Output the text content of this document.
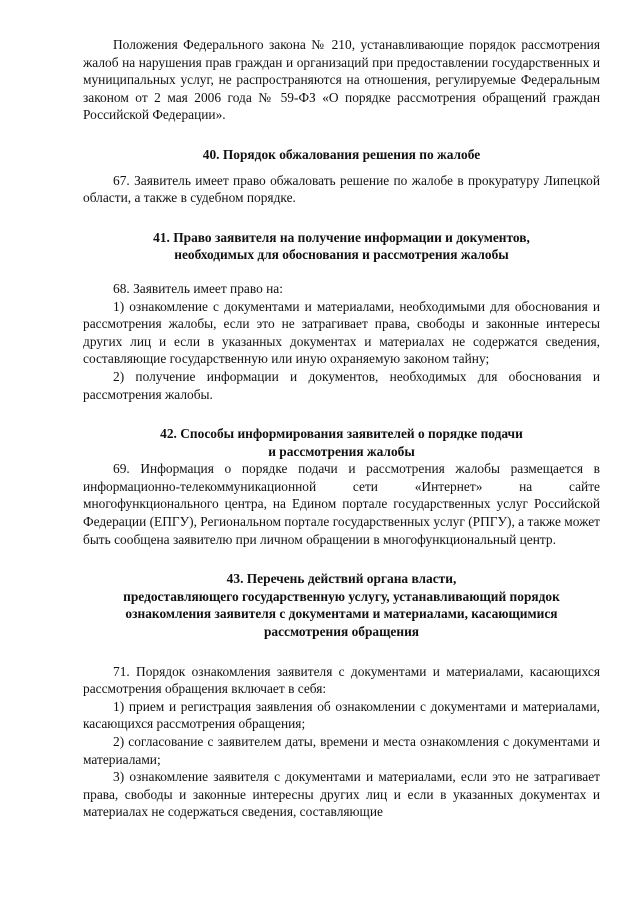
Положения Федерального закона № 210, устанавливающие порядок рассмотрения жалоб на нарушения прав граждан и организаций при предоставлении государственных и муниципальных услуг, не распространяются на отношения, регулируемые Федеральным законом от 2 мая 2006 года № 59-ФЗ «О порядке рассмотрения обращений граждан Российской Федерации».

40. Порядок обжалования решения по жалобе

67. Заявитель имеет право обжаловать решение по жалобе в прокуратуру Липецкой области, а также в судебном порядке.

41. Право заявителя на получение информации и документов,
необходимых для обоснования и рассмотрения жалобы

68. Заявитель имеет право на:

1) ознакомление с документами и материалами, необходимыми для обоснования и рассмотрения жалобы, если это не затрагивает права, свободы и законные интересы других лиц и если в указанных документах и материалах не содержатся сведения, составляющие государственную или иную охраняемую законом тайну;

2) получение информации и документов, необходимых для обоснования и рассмотрения жалобы.

42. Способы информирования заявителей о порядке подачи
и рассмотрения жалобы

69. Информация о порядке подачи и рассмотрения жалобы размещается в информационно-телекоммуникационной сети «Интернет» на сайте многофункционального центра, на Едином портале государственных услуг Российской Федерации (ЕПГУ), Региональном портале государственных услуг (РПГУ), а также может быть сообщена заявителю при личном обращении в многофункциональный центр.

43. Перечень действий органа власти,
предоставляющего государственную услугу, устанавливающий порядок
ознакомления заявителя с документами и материалами, касающимися
рассмотрения обращения

71. Порядок ознакомления заявителя с документами и материалами, касающихся рассмотрения обращения включает в себя:

1) прием и регистрация заявления об ознакомлении с документами и материалами, касающихся рассмотрения обращения;

2) согласование с заявителем даты, времени и места ознакомления с документами и материалами;

3) ознакомление заявителя с документами и материалами, если это не затрагивает права, свободы и законные интересны других лиц и если в указанных документах и материалах не содержаться сведения, составляющие
